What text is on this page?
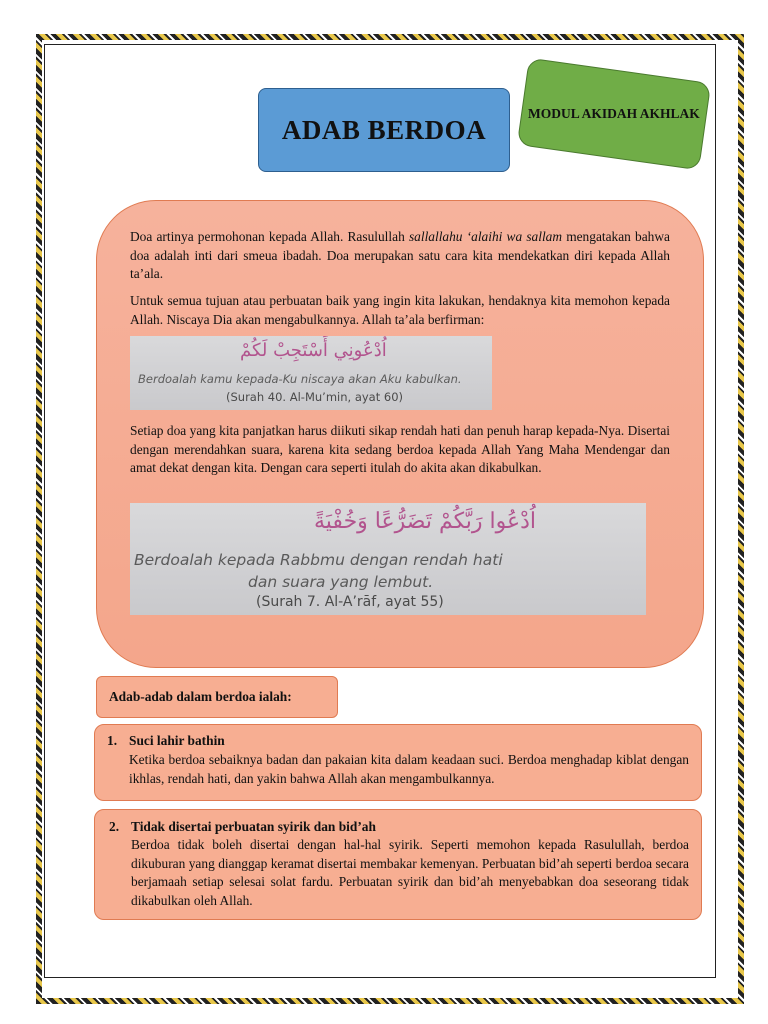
ADAB BERDOA
MODUL AKIDAH AKHLAK
Doa artinya permohonan kepada Allah. Rasulullah sallallahu ‘alaihi wa sallam mengatakan bahwa doa adalah inti dari smeua ibadah. Doa merupakan satu cara kita mendekatkan diri kepada Allah ta’ala.
Untuk semua tujuan atau perbuatan baik yang ingin kita lakukan, hendaknya kita memohon kepada Allah. Niscaya Dia akan mengabulkannya. Allah ta’ala berfirman:
اُدْعُونِي أَسْتَجِبْ لَكُمْ
Berdoalah kamu kepada-Ku niscaya akan Aku kabulkan.
(Surah 40. Al-Mu’min, ayat 60)
Setiap doa yang kita panjatkan harus diikuti sikap rendah hati dan penuh harap kepada-Nya. Disertai dengan merendahkan suara, karena kita sedang berdoa kepada Allah Yang Maha Mendengar dan amat dekat dengan kita. Dengan cara seperti itulah do akita akan dikabulkan.
اُدْعُوا رَبَّكُمْ تَضَرُّعًا وَخُفْيَةً
Berdoalah kepada Rabbmu dengan rendah hati
dan suara yang lembut.
(Surah 7. Al-A’rāf, ayat 55)
Adab-adab dalam berdoa ialah:
1. Suci lahir bathin
Ketika berdoa sebaiknya badan dan pakaian kita dalam keadaan suci. Berdoa menghadap kiblat dengan ikhlas, rendah hati, dan yakin bahwa Allah akan mengambulkannya.
2. Tidak disertai perbuatan syirik dan bid’ah
Berdoa tidak boleh disertai dengan hal-hal syirik. Seperti memohon kepada Rasulullah, berdoa dikuburan yang dianggap keramat disertai membakar kemenyan. Perbuatan bid’ah seperti berdoa secara berjamaah setiap selesai solat fardu. Perbuatan syirik dan bid’ah menyebabkan doa seseorang tidak dikabulkan oleh Allah.
